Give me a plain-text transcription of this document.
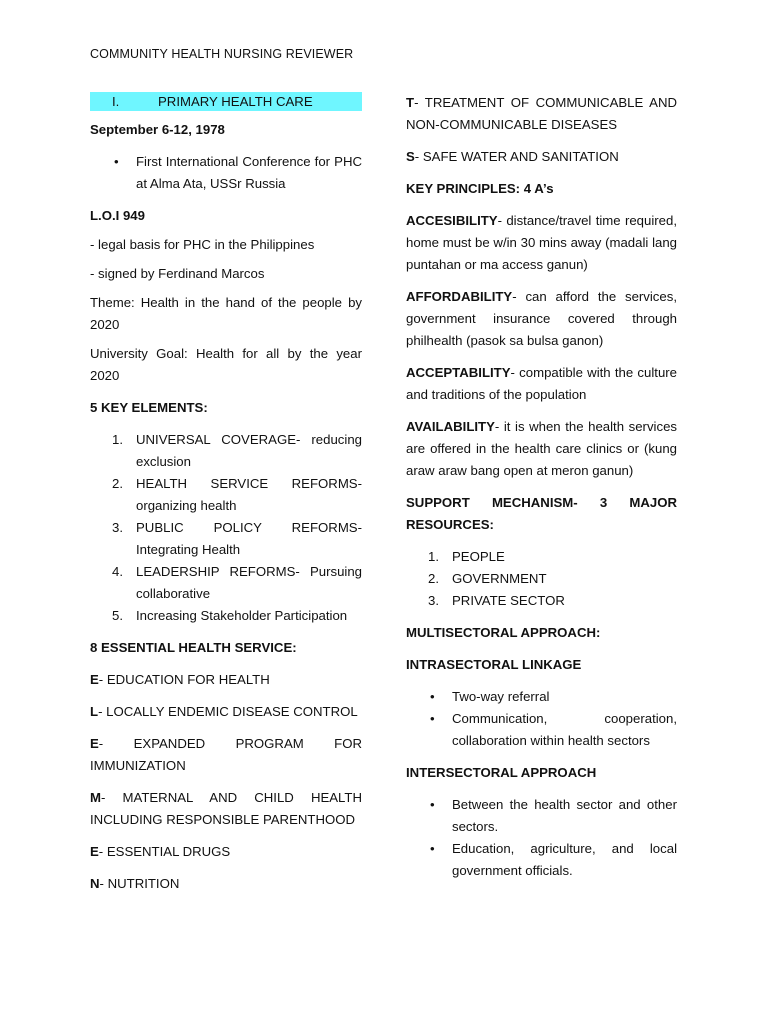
COMMUNITY HEALTH NURSING REVIEWER
I.	PRIMARY HEALTH CARE

September 6-12, 1978

• First International Conference for PHC at Alma Ata, USSr Russia

L.O.I 949

- legal basis for PHC in the Philippines

- signed by Ferdinand Marcos

Theme: Health in the hand of the people by 2020

University Goal: Health for all by the year 2020

5 KEY ELEMENTS:

1. UNIVERSAL COVERAGE- reducing exclusion
2. HEALTH SERVICE REFORMS- organizing health
3. PUBLIC POLICY REFORMS- Integrating Health
4. LEADERSHIP REFORMS- Pursuing collaborative
5. Increasing Stakeholder Participation

8 ESSENTIAL HEALTH SERVICE:

E- EDUCATION FOR HEALTH

L- LOCALLY ENDEMIC DISEASE CONTROL

E- EXPANDED PROGRAM FOR IMMUNIZATION

M- MATERNAL AND CHILD HEALTH INCLUDING RESPONSIBLE PARENTHOOD

E- ESSENTIAL DRUGS

N- NUTRITION

T- TREATMENT OF COMMUNICABLE AND NON-COMMUNICABLE DISEASES

S- SAFE WATER AND SANITATION

KEY PRINCIPLES: 4 A’s

ACCESIBILITY- distance/travel time required, home must be w/in 30 mins away (madali lang puntahan or ma access ganun)

AFFORDABILITY- can afford the services, government insurance covered through philhealth (pasok sa bulsa ganon)

ACCEPTABILITY- compatible with the culture and traditions of the population

AVAILABILITY- it is when the health services are offered in the health care clinics or (kung araw araw bang open at meron ganun)

SUPPORT MECHANISM- 3 MAJOR RESOURCES:

1. PEOPLE
2. GOVERNMENT
3. PRIVATE SECTOR

MULTISECTORAL APPROACH:

INTRASECTORAL LINKAGE

• Two-way referral
• Communication, cooperation, collaboration within health sectors

INTERSECTORAL APPROACH

• Between the health sector and other sectors.
• Education, agriculture, and local government officials.
